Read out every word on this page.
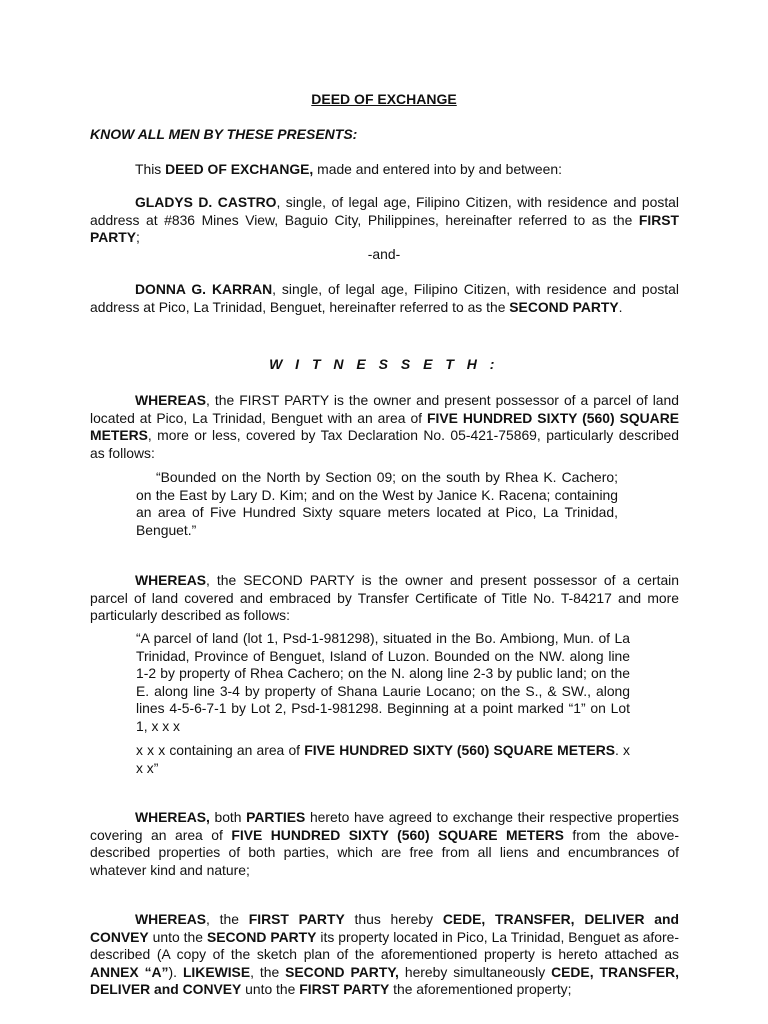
DEED OF EXCHANGE
KNOW ALL MEN BY THESE PRESENTS:

This DEED OF EXCHANGE, made and entered into by and between:

GLADYS D. CASTRO, single, of legal age, Filipino Citizen, with residence and postal address at #836 Mines View, Baguio City, Philippines, hereinafter referred to as the FIRST PARTY;

-and-

DONNA G. KARRAN, single, of legal age, Filipino Citizen, with residence and postal address at Pico, La Trinidad, Benguet, hereinafter referred to as the SECOND PARTY.

W I T N E S S E T H :

WHEREAS, the FIRST PARTY is the owner and present possessor of a parcel of land located at Pico, La Trinidad, Benguet with an area of FIVE HUNDRED SIXTY (560) SQUARE METERS, more or less, covered by Tax Declaration No. 05-421-75869, particularly described as follows:

“Bounded on the North by Section 09; on the south by Rhea K. Cachero; on the East by Lary D. Kim; and on the West by Janice K. Racena; containing an area of Five Hundred Sixty square meters located at Pico, La Trinidad, Benguet.”

WHEREAS, the SECOND PARTY is the owner and present possessor of a certain parcel of land covered and embraced by Transfer Certificate of Title No. T-84217 and more particularly described as follows:

“A parcel of land (lot 1, Psd-1-981298), situated in the Bo. Ambiong, Mun. of La Trinidad, Province of Benguet, Island of Luzon. Bounded on the NW. along line 1-2 by property of Rhea Cachero; on the N. along line 2-3 by public land; on the E. along line 3-4 by property of Shana Laurie Locano; on the S., & SW., along lines 4-5-6-7-1 by Lot 2, Psd-1-981298. Beginning at a point marked “1” on Lot 1, x x x

x x x containing an area of FIVE HUNDRED SIXTY (560) SQUARE METERS. x x x”

WHEREAS, both PARTIES hereto have agreed to exchange their respective properties covering an area of FIVE HUNDRED SIXTY (560) SQUARE METERS from the above-described properties of both parties, which are free from all liens and encumbrances of whatever kind and nature;

WHEREAS, the FIRST PARTY thus hereby CEDE, TRANSFER, DELIVER and CONVEY unto the SECOND PARTY its property located in Pico, La Trinidad, Benguet as afore-described (A copy of the sketch plan of the aforementioned property is hereto attached as ANNEX “A”). LIKEWISE, the SECOND PARTY, hereby simultaneously CEDE, TRANSFER, DELIVER and CONVEY unto the FIRST PARTY the aforementioned property;
